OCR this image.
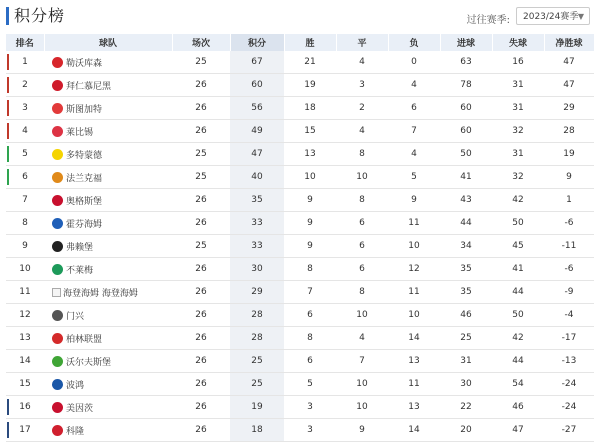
积分榜	过往赛季:	2023/24赛季 ▼
排名	球队	场次	积分	胜	平	负	进球	失球	净胜球

1	勒沃库森	25	67	21	4	0	63	16	47

2	拜仁慕尼黑	26	60	19	3	4	78	31	47

3	斯图加特	26	56	18	2	6	60	31	29

4	莱比锡	26	49	15	4	7	60	32	28

5	多特蒙德	25	47	13	8	4	50	31	19

6	法兰克福	25	40	10	10	5	41	32	9
7	奥格斯堡	26	35	9	8	9	43	42	1
8	霍芬海姆	26	33	9	6	11	44	50	-6
9	弗赖堡	25	33	9	6	10	34	45	-11
10	不莱梅	26	30	8	6	12	35	41	-6
11	海登海姆 海登海姆	26	29	7	8	11	35	44	-9
12	门兴	26	28	6	10	10	46	50	-4
13	柏林联盟	26	28	8	4	14	25	42	-17
14	沃尔夫斯堡	26	25	6	7	13	31	44	-13
15	波鸿	26	25	5	10	11	30	54	-24

16	美因茨	26	19	3	10	13	22	46	-24

17	科隆	26	18	3	9	14	20	47	-27
